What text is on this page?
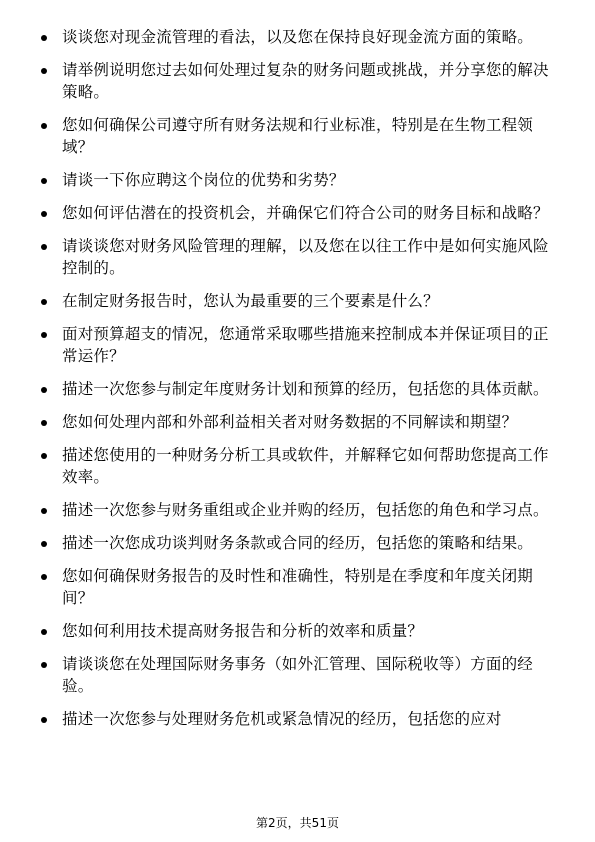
谈谈您对现金流管理的看法，以及您在保持良好现金流方面的策略。
请举例说明您过去如何处理过复杂的财务问题或挑战，并分享您的解决策略。
您如何确保公司遵守所有财务法规和行业标准，特别是在生物工程领域？
请谈一下你应聘这个岗位的优势和劣势？
您如何评估潜在的投资机会，并确保它们符合公司的财务目标和战略？
请谈谈您对财务风险管理的理解，以及您在以往工作中是如何实施风险控制的。
在制定财务报告时，您认为最重要的三个要素是什么？
面对预算超支的情况，您通常采取哪些措施来控制成本并保证项目的正常运作？
描述一次您参与制定年度财务计划和预算的经历，包括您的具体贡献。
您如何处理内部和外部利益相关者对财务数据的不同解读和期望？
描述您使用的一种财务分析工具或软件，并解释它如何帮助您提高工作效率。
描述一次您参与财务重组或企业并购的经历，包括您的角色和学习点。
描述一次您成功谈判财务条款或合同的经历，包括您的策略和结果。
您如何确保财务报告的及时性和准确性，特别是在季度和年度关闭期间？
您如何利用技术提高财务报告和分析的效率和质量？
请谈谈您在处理国际财务事务（如外汇管理、国际税收等）方面的经验。
描述一次您参与处理财务危机或紧急情况的经历，包括您的应对
第2页，共51页
